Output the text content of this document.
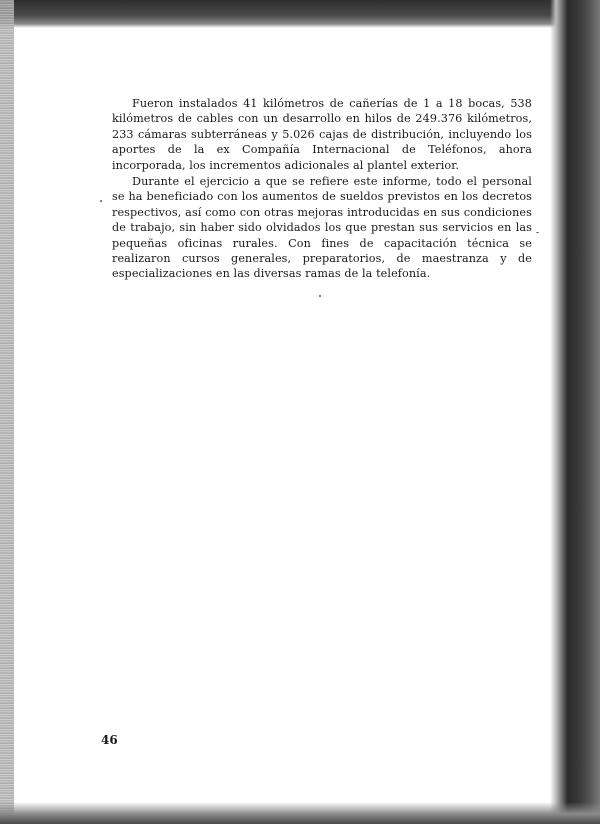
Fueron instalados 41 kilómetros de cañerías de 1 a 18 bocas, 538 kilómetros de cables con un desarrollo en hilos de 249.376 kilómetros, 233 cámaras subterráneas y 5.026 cajas de distribución, incluyendo los aportes de la ex Compañía Internacional de Teléfonos, ahora incorporada, los incrementos adicionales al plantel exterior.

Durante el ejercicio a que se refiere este informe, todo el personal se ha beneficiado con los aumentos de sueldos previstos en los decretos respectivos, así como con otras mejoras introducidas en sus condiciones de trabajo, sin haber sido olvidados los que prestan sus servicios en las pequeñas oficinas rurales. Con fines de capacitación técnica se realizaron cursos generales, preparatorios, de maestranza y de especializaciones en las diversas ramas de la telefonía.

46
